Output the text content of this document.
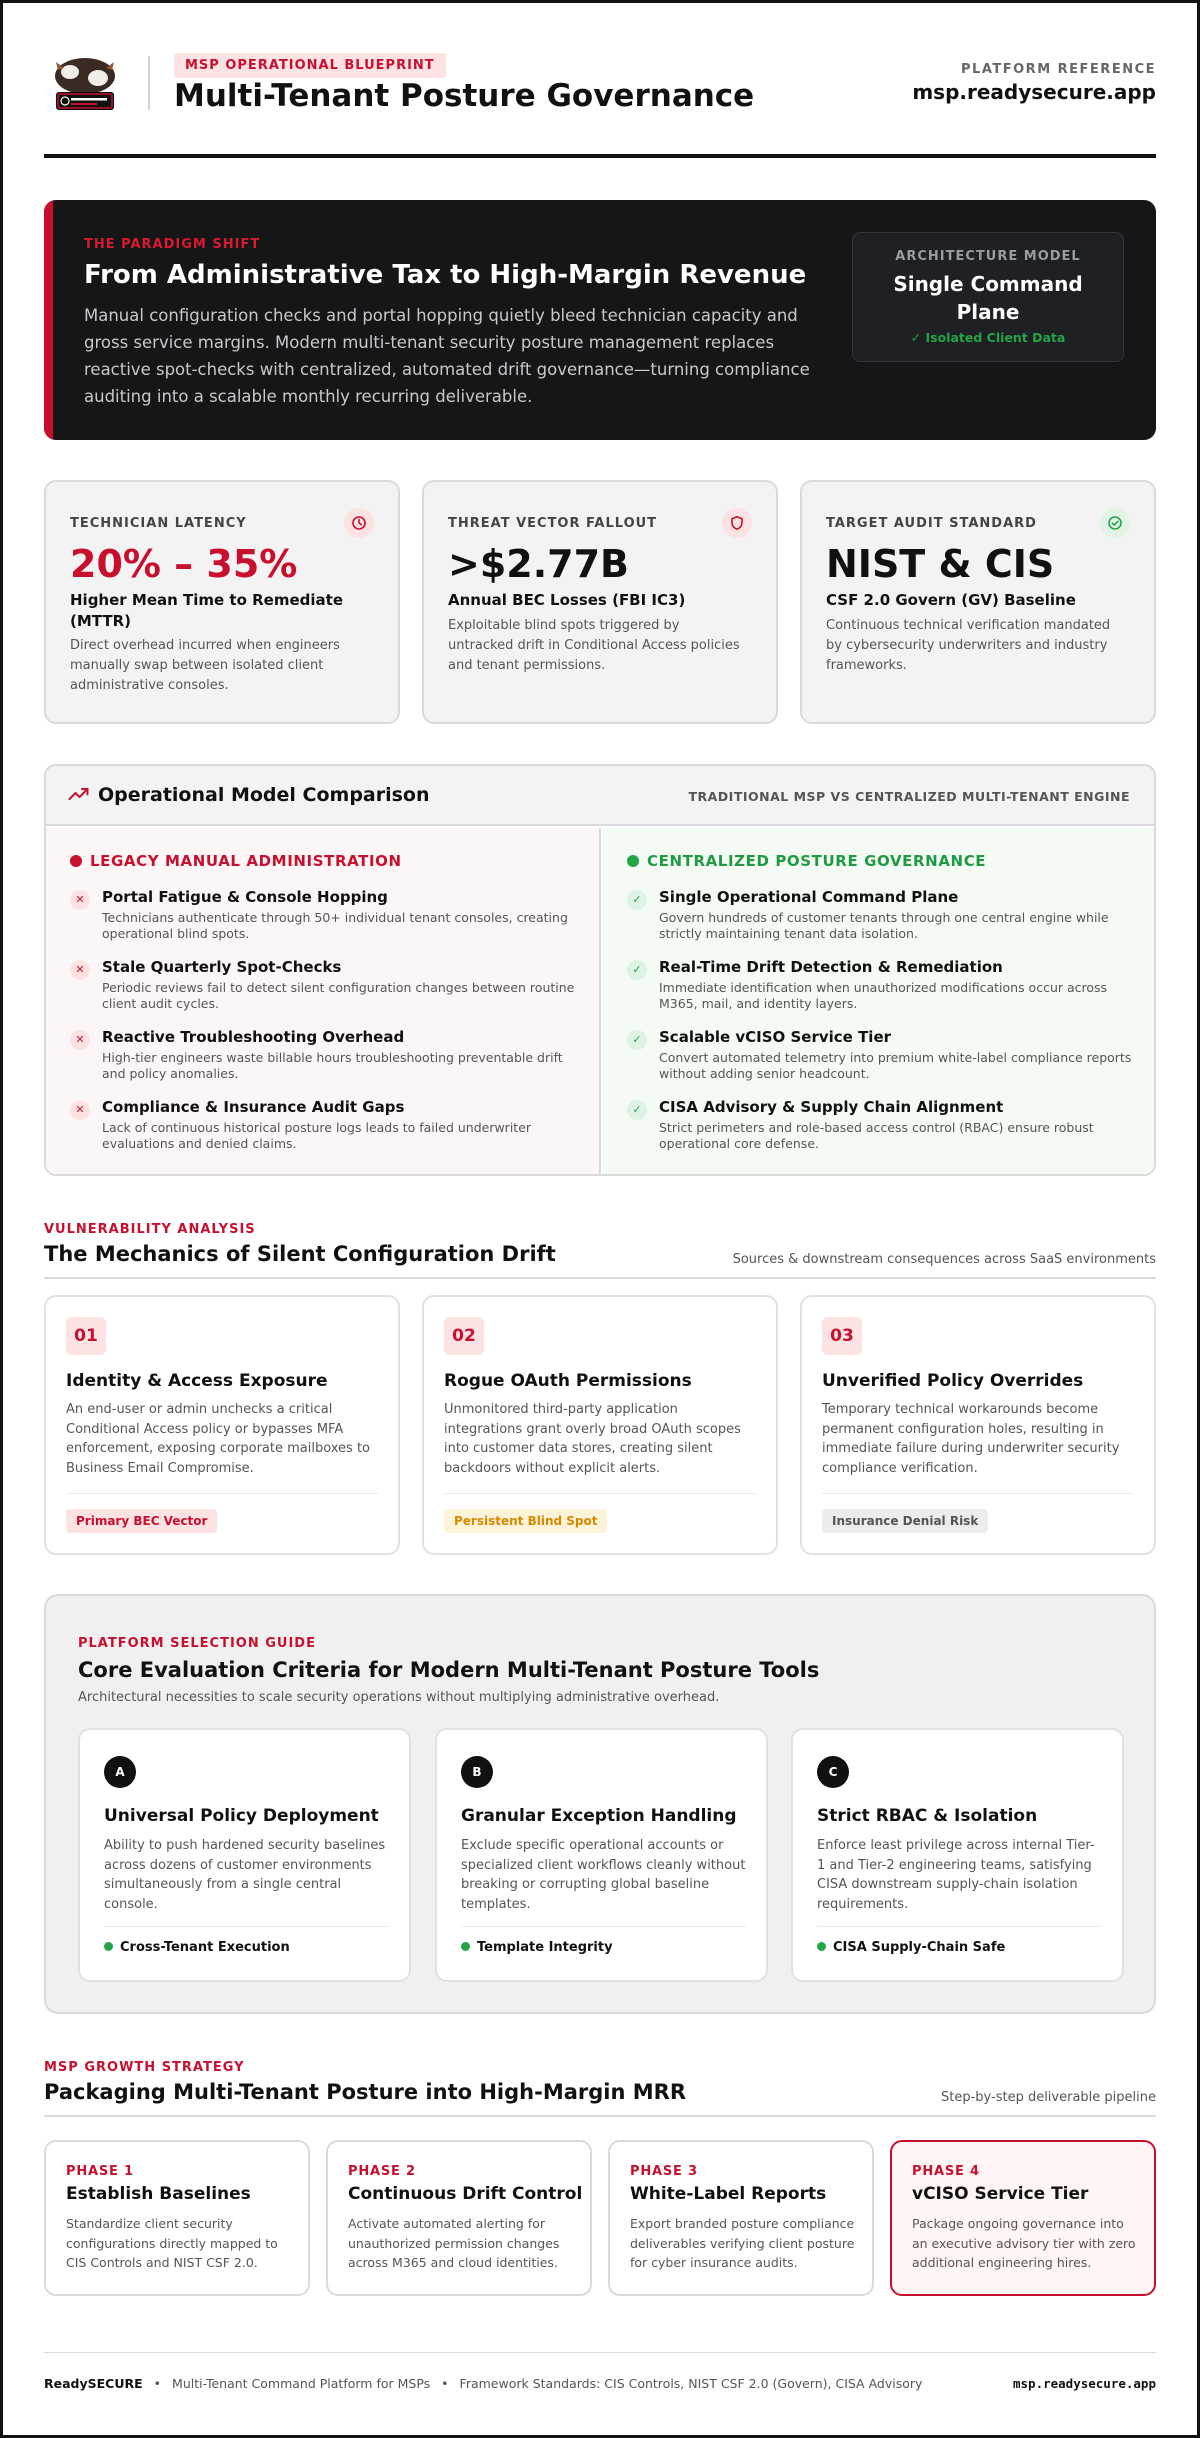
MSP OPERATIONAL BLUEPRINT
Multi-Tenant Posture Governance
PLATFORM REFERENCE
msp.readysecure.app
THE PARADIGM SHIFT
From Administrative Tax to High-Margin Revenue
Manual configuration checks and portal hopping quietly bleed technician capacity and gross service margins. Modern multi-tenant security posture management replaces reactive spot-checks with centralized, automated drift governance—turning compliance auditing into a scalable monthly recurring deliverable.
ARCHITECTURE MODEL
Single Command Plane
✓ Isolated Client Data
TECHNICIAN LATENCY
20% – 35%
Higher Mean Time to Remediate (MTTR)
Direct overhead incurred when engineers manually swap between isolated client administrative consoles.
THREAT VECTOR FALLOUT
>$2.77B
Annual BEC Losses (FBI IC3)
Exploitable blind spots triggered by untracked drift in Conditional Access policies and tenant permissions.
TARGET AUDIT STANDARD
NIST & CIS
CSF 2.0 Govern (GV) Baseline
Continuous technical verification mandated by cybersecurity underwriters and industry frameworks.
Operational Model Comparison	TRADITIONAL MSP VS CENTRALIZED MULTI-TENANT ENGINE
LEGACY MANUAL ADMINISTRATION
✕	Portal Fatigue & Console Hopping
Technicians authenticate through 50+ individual tenant consoles, creating operational blind spots.
✕	Stale Quarterly Spot-Checks
Periodic reviews fail to detect silent configuration changes between routine client audit cycles.
✕	Reactive Troubleshooting Overhead
High-tier engineers waste billable hours troubleshooting preventable drift and policy anomalies.
✕	Compliance & Insurance Audit Gaps
Lack of continuous historical posture logs leads to failed underwriter evaluations and denied claims.
CENTRALIZED POSTURE GOVERNANCE
✓	Single Operational Command Plane
Govern hundreds of customer tenants through one central engine while strictly maintaining tenant data isolation.
✓	Real-Time Drift Detection & Remediation
Immediate identification when unauthorized modifications occur across M365, mail, and identity layers.
✓	Scalable vCISO Service Tier
Convert automated telemetry into premium white-label compliance reports without adding senior headcount.
✓	CISA Advisory & Supply Chain Alignment
Strict perimeters and role-based access control (RBAC) ensure robust operational core defense.
VULNERABILITY ANALYSIS
The Mechanics of Silent Configuration Drift	Sources & downstream consequences across SaaS environments
01
Identity & Access Exposure
An end-user or admin unchecks a critical Conditional Access policy or bypasses MFA enforcement, exposing corporate mailboxes to Business Email Compromise.
Primary BEC Vector
02
Rogue OAuth Permissions
Unmonitored third-party application integrations grant overly broad OAuth scopes into customer data stores, creating silent backdoors without explicit alerts.
Persistent Blind Spot
03
Unverified Policy Overrides
Temporary technical workarounds become permanent configuration holes, resulting in immediate failure during underwriter security compliance verification.
Insurance Denial Risk
PLATFORM SELECTION GUIDE
Core Evaluation Criteria for Modern Multi-Tenant Posture Tools
Architectural necessities to scale security operations without multiplying administrative overhead.
A
Universal Policy Deployment
Ability to push hardened security baselines across dozens of customer environments simultaneously from a single central console.
Cross-Tenant Execution
B
Granular Exception Handling
Exclude specific operational accounts or specialized client workflows cleanly without breaking or corrupting global baseline templates.
Template Integrity
C
Strict RBAC & Isolation
Enforce least privilege across internal Tier-1 and Tier-2 engineering teams, satisfying CISA downstream supply-chain isolation requirements.
CISA Supply-Chain Safe
MSP GROWTH STRATEGY
Packaging Multi-Tenant Posture into High-Margin MRR	Step-by-step deliverable pipeline
PHASE 1
Establish Baselines
Standardize client security configurations directly mapped to CIS Controls and NIST CSF 2.0.
PHASE 2
Continuous Drift Control
Activate automated alerting for unauthorized permission changes across M365 and cloud identities.
PHASE 3
White-Label Reports
Export branded posture compliance deliverables verifying client posture for cyber insurance audits.
PHASE 4
vCISO Service Tier
Package ongoing governance into an executive advisory tier with zero additional engineering hires.
ReadySECURE • Multi-Tenant Command Platform for MSPs • Framework Standards: CIS Controls, NIST CSF 2.0 (Govern), CISA Advisory	msp.readysecure.app
